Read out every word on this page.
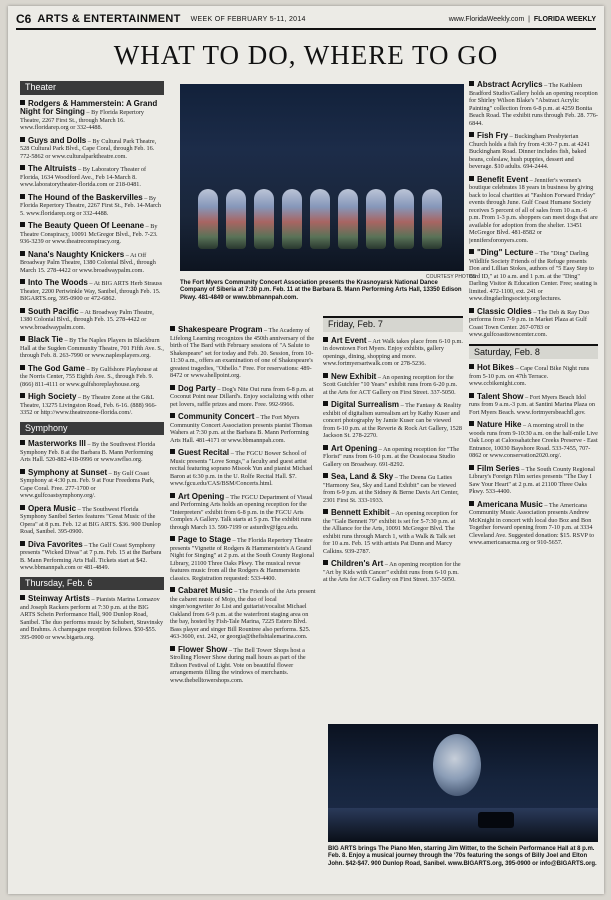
C6 ARTS & ENTERTAINMENT WEEK OF FEBRUARY 5-11, 2014	www.FloridaWeekly.com  |  FLORIDA WEEKLY
WHAT TO DO, WHERE TO GO
Theater
Rodgers & Hammerstein: A Grand Night for Singing – By Florida Repertory Theatre, 2267 First St., through March 16. www.floridarep.org or 332-4488.
Guys and Dolls – By Cultural Park Theatre, 528 Cultural Park Blvd., Cape Coral, through Feb. 16. 772-5862 or www.culturalparktheatre.com.
The Altruists – By Laboratory Theater of Florida, 1634 Woodford Ave., Feb 14-March 8. www.laboratorytheater-florida.com or 218-0481.
The Hound of the Baskervilles – By Florida Repertory Theatre, 2267 First St., Feb. 14-March 5. www.floridarep.org or 332-4488.
The Beauty Queen Of Leenane – By Theatre Conspiracy, 10091 McGregor Blvd., Feb. 7-23. 936-3239 or www.theatreconspiracy.org.
Nana's Naughty Knickers – At Off Broadway Palm Theatre, 1380 Colonial Blvd., through March 15. 278-4422 or www.broadwaypalm.com.
Into The Woods – At BIG ARTS Herb Strauss Theater, 2200 Periwinkle Way, Sanibel, through Feb. 15. BIGARTS.org, 395-0900 or 472-6862.
South Pacific – At Broadway Palm Theatre, 1380 Colonial Blvd., through Feb. 15. 278-4422 or www.broadwaypalm.com.
Black Tie – By The Naples Players in Blackburn Hall at the Sugden Community Theatre, 701 Fifth Ave. S., through Feb. 8. 263-7990 or www.naplesplayers.org.
The God Game – By Gulfshore Playhouse at the Norris Center, 755 Eighth Ave. S., through Feb. 9. (866) 811-4111 or www.gulfshoreplayhouse.org.
High Society – By Theatre Zone at the G&L Theatre, 13275 Livingston Road, Feb. 6-16. (888) 966-3352 or http://www.theatrezone-florida.com/.
Symphony
Masterworks III – By the Southwest Florida Symphony Feb. 8 at the Barbara B. Mann Performing Arts Hall. 520-882-418-0996 or www.swflso.org.
Symphony at Sunset – By Gulf Coast Symphony at 4:30 p.m. Feb. 9 at Four Freedoms Park, Cape Coral. Free. 277-1700 or www.gulfcoastsymphony.org/.
Opera Music – The Southwest Florida Symphony Sanibel Series features "Great Music of the Opera" at 8 p.m. Feb. 12 at BIG ARTS. $36. 900 Dunlop Road, Sanibel. 395-0900.
Diva Favorites – The Gulf Coast Symphony presents "Wicked Divas" at 7 p.m. Feb. 15 at the Barbara B. Mann Performing Arts Hall. Tickets start at $42. www.bbmannpah.com or 481-4849.
Thursday, Feb. 6
Steinway Artists – Pianists Marina Lomazov and Joseph Rackers perform at 7:30 p.m. at the BIG ARTS Schein Performance Hall, 900 Dunlop Road, Sanibel. The duo performs music by Schubert, Stravinsky and Brahms. A champagne reception follows. $50-$55. 395-0900 or www.bigarts.org.
COURTESY PHOTOS
The Fort Myers Community Concert Association presents the Krasnoyarsk National Dance Company of Siberia at 7:30 p.m. Feb. 11 at the Barbara B. Mann Performing Arts Hall, 13350 Edison Pkwy. 481-4849 or www.bbmannpah.com.
Shakespeare Program – The Academy of Lifelong Learning recognizes the 450th anniversary of the birth of The Bard with February sessions of "A Salute to Shakespeare" set for today and Feb. 20. Session, from 10-11:30 a.m., offers an examination of one of Shakespeare's greatest tragedies, "Othello." Free. For reservations: 489-8472 or www.shellpoint.org.
Dog Party – Dog's Nite Out runs from 6-8 p.m. at Coconut Point near Dillard's. Enjoy socializing with other pet lovers, raffle prizes and more. Free. 992-9966.
Community Concert – The Fort Myers Community Concert Association presents pianist Thomas Wahers at 7:30 p.m. at the Barbara B. Mann Performing Arts Hall. 481-4171 or www.bbmannpah.com.
Guest Recital – The FGCU Bower School of Music presents "Love Songs," a faculty and guest artist recital featuring soprano Misook Yun and pianist Michael Baron at 6:30 p.m. in the U. Rolfe Recital Hall. $7. www.fgcu.edu/CAS/BSM/Concerts.html.
Art Opening – The FGCU Department of Visual and Performing Arts holds an opening reception for the "Interpreters" exhibit from 6-8 p.m. in the FGCU Arts Complex A Gallery. Talk starts at 5 p.m. The exhibit runs through March 13. 590-7199 or asturdiv@fgcu.edu.
Page to Stage – The Florida Repertory Theatre presents "Vignette of Rodgers & Hammerstein's A Grand Night for Singing" at 2 p.m. at the South County Regional Library, 21100 Three Oaks Pkwy. The musical revue features music from all the Rodgers & Hammerstein classics. Registration requested: 533-4400.
Cabaret Music – The Friends of the Arts present the cabaret music of Mojo, the duo of local singer/songwriter Jo List and guitarist/vocalist Michael Oakland from 6-9 p.m. at the waterfront staging area on the bay, hosted by Fish-Tale Marina, 7225 Estero Blvd. Bass player and singer Bill Rountree also performs. $25. 463-3600, ext. 242, or georgia@thefishtalemarina.com.
Flower Show – The Bell Tower Shops host a Strolling Flower Show during mall hours as part of the Edison Festival of Light. Vote on beautiful flower arrangements filling the windows of merchants. www.thebelltowershops.com.
Friday, Feb. 7
Art Event – Art Walk takes place from 6-10 p.m. in downtown Fort Myers. Enjoy exhibits, gallery openings, dining, shopping and more. www.fortmyersartwalk.com or 278-5236.
New Exhibit – An opening reception for the Scott Gutchfer "10 Years" exhibit runs from 6-20 p.m. at the Arts for ACT Gallery on First Street. 337-5050.
Digital Surrealism – The Fantasy & Reality exhibit of digitalism surrealism art by Kathy Kuser and concert photography by Jamie Kuser can be viewed from 6-10 p.m. at the Reverie & Rock Art Gallery, 1528 Jackson St. 278-2270.
Art Opening – An opening reception for "The Florist" runs from 6-10 p.m. at the Ocasiocasa Studio Gallery on Broadway. 691-8292.
Sea, Land & Sky – The Deena Gu Laties "Harmony Sea, Sky and Land Exhibit" can be viewed from 6-9 p.m. at the Sidney & Berne Davis Art Center, 2301 First St. 333-1933.
Bennett Exhibit – An opening reception for the "Gale Bennett 79" exhibit is set for 5-7:30 p.m. at the Alliance for the Arts, 10091 McGregor Blvd. The exhibit runs through March 1, with a Walk & Talk set for 10 a.m. Feb. 15 with artists Pat Dunn and Marcy Calkins. 939-2787.
Children's Art – An opening reception for the "Art by Kids with Cancer" exhibit runs from 6-10 p.m. at the Arts for ACT Gallery on First Street. 337-5050.
BIG ARTS brings The Piano Men, starring Jim Witter, to the Schein Performance Hall at 8 p.m. Feb. 8. Enjoy a musical journey through the '70s featuring the songs of Billy Joel and Elton John. $42-$47. 900 Dunlop Road, Sanibel. www.BIGARTS.org, 395-0900 or info@BIGARTS.org.
Abstract Acrylics – The Kathleen Bradford Studio/Gallery holds an opening reception for Shirley Wilson Blake's "Abstract Acrylic Painting" collection from 6-8 p.m. at 4259 Bonita Beach Road. The exhibit runs through Feb. 28. 776-6844.
Fish Fry – Buckingham Presbyterian Church holds a fish fry from 4:30-7 p.m. at 4241 Buckingham Road. Dinner includes fish, baked beans, coleslaw, hush puppies, dessert and beverage. $10 adults. 694-2444.
Benefit Event – Jennifer's women's boutique celebrates 18 years in business by giving back to local charities at "Fashion Forward Friday" events through June. Gulf Coast Humane Society receives 5 percent of all of sales from 10 a.m.-6 p.m. From 1-3 p.m. shoppers can meet dogs that are available for adoption from the shelter. 13451 McGregor Blvd. 481-8582 or jennifersforonyers.com.
"Ding" Lecture – The "Ding" Darling Wildlife Society Friends of the Refuge presents Don and Lillian Stokes, authors of "5 Easy Step to Bird ID," at 10 a.m. and 1 p.m. at the "Ding" Darling Visitor & Education Center. Free; seating is limited. 472-1100, ext. 241 or www.dingdarlingsociety.org/lectures.
Classic Oldies – The Deb & Ray Duo performs from 7-9 p.m. in Market Plaza at Gulf Coast Town Center. 267-0783 or www.gulfcoasttowncenter.com.
Saturday, Feb. 8
Hot Bikes – Cape Coral Bike Night runs from 5-10 p.m. on 47th Terrace. www.ccbikenight.com.
Talent Show – Fort Myers Beach Idol runs from 9 a.m.-3 p.m. at Santini Marina Plaza on Fort Myers Beach. www.fortmyersbeachfl.gov.
Nature Hike – A morning stroll in the woods runs from 9-10:30 a.m. on the half-mile Live Oak Loop at Caloosahatchee Creeks Preserve - East Entrance, 10030 Bayshore Road. 533-7455, 707-0862 or www.conservation2020.org/.
Film Series – The South County Regional Library's Foreign Film series presents "The Day I Saw Your Heart" at 2 p.m. at 21100 Three Oaks Pkwy. 533-4400.
Americana Music – The Americana Community Music Association presents Andrew McKnight in concert with local duo Boz and Bon Together forward opening from 7-10 p.m. at 3334 Cleveland Ave. Suggested donation: $15. RSVP to www.americanacma.org or 910-5657.
